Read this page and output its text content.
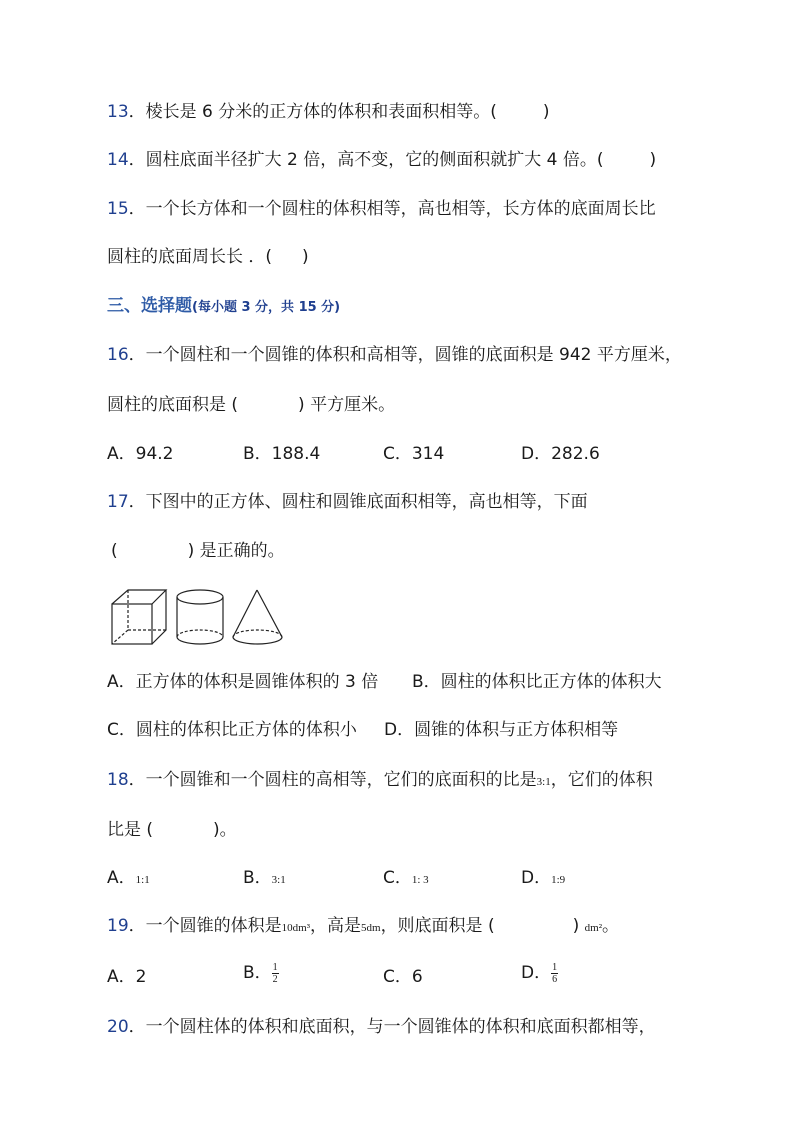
13．棱长是 6 分米的正方体的体积和表面积相等。(	)
14．圆柱底面半径扩大 2 倍，高不变，它的侧面积就扩大 4 倍。(	)
15．一个长方体和一个圆柱的体积相等，高也相等，长方体的底面周长比
圆柱的底面周长长 ．( )
三、选择题(每小题 3 分，共 15 分)
16．一个圆柱和一个圆锥的体积和高相等，圆锥的底面积是 942 平方厘米，
圆柱的底面积是 (	) 平方厘米。
A．94.2	B．188.4	C．314	D．282.6
17．下图中的正方体、圆柱和圆锥底面积相等，高也相等，下面
(	) 是正确的。
A．正方体的体积是圆锥体积的 3 倍 B．圆柱的体积比正方体的体积大
C．圆柱的体积比正方体的体积小 D．圆锥的体积与正方体积相等
18．一个圆锥和一个圆柱的高相等，它们的底面积的比是3:1，它们的体积
比是 (	)。
A．1:1	B．3:1	C．1: 3	D．1:9
19．一个圆锥的体积是10dm³，高是5dm，则底面积是 (	) dm²。
A．2	B． $\frac{1}{2}$	C．6	D． $\frac{1}{6}$
20．一个圆柱体的体积和底面积，与一个圆锥体的体积和底面积都相等，
